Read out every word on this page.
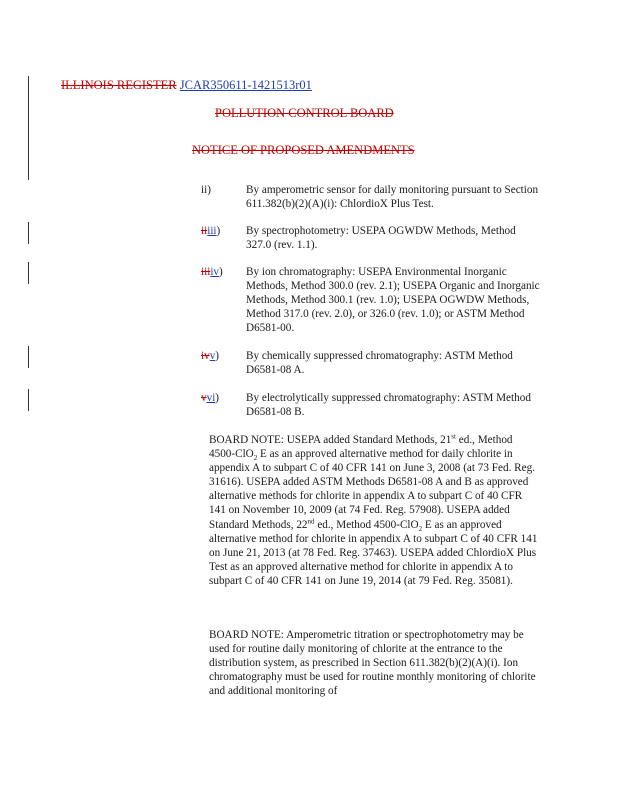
ILLINOIS REGISTER JCAR350611-1421513r01
POLLUTION CONTROL BOARD
NOTICE OF PROPOSED AMENDMENTS
ii)	By amperometric sensor for daily monitoring pursuant to Section 611.382(b)(2)(A)(i): ChlordioX Plus Test.
iiiii)	By spectrophotometry: USEPA OGWDW Methods, Method 327.0 (rev. 1.1).
iiiiv)	By ion chromatography: USEPA Environmental Inorganic Methods, Method 300.0 (rev. 2.1); USEPA Organic and Inorganic Methods, Method 300.1 (rev. 1.0); USEPA OGWDW Methods, Method 317.0 (rev. 2.0), or 326.0 (rev. 1.0); or ASTM Method D6581-00.
ivv)	By chemically suppressed chromatography: ASTM Method D6581-08 A.
vvi)	By electrolytically suppressed chromatography: ASTM Method D6581-08 B.
BOARD NOTE: USEPA added Standard Methods, 21st ed., Method 4500-ClO$_2$ E as an approved alternative method for daily chlorite in appendix A to subpart C of 40 CFR 141 on June 3, 2008 (at 73 Fed. Reg. 31616). USEPA added ASTM Methods D6581-08 A and B as approved alternative methods for chlorite in appendix A to subpart C of 40 CFR 141 on November 10, 2009 (at 74 Fed. Reg. 57908). USEPA added Standard Methods, 22nd ed., Method 4500-ClO$_2$ E as an approved alternative method for chlorite in appendix A to subpart C of 40 CFR 141 on June 21, 2013 (at 78 Fed. Reg. 37463). USEPA added ChlordioX Plus Test as an approved alternative method for chlorite in appendix A to subpart C of 40 CFR 141 on June 19, 2014 (at 79 Fed. Reg. 35081).
BOARD NOTE: Amperometric titration or spectrophotometry may be used for routine daily monitoring of chlorite at the entrance to the distribution system, as prescribed in Section 611.382(b)(2)(A)(i). Ion chromatography must be used for routine monthly monitoring of chlorite and additional monitoring of
